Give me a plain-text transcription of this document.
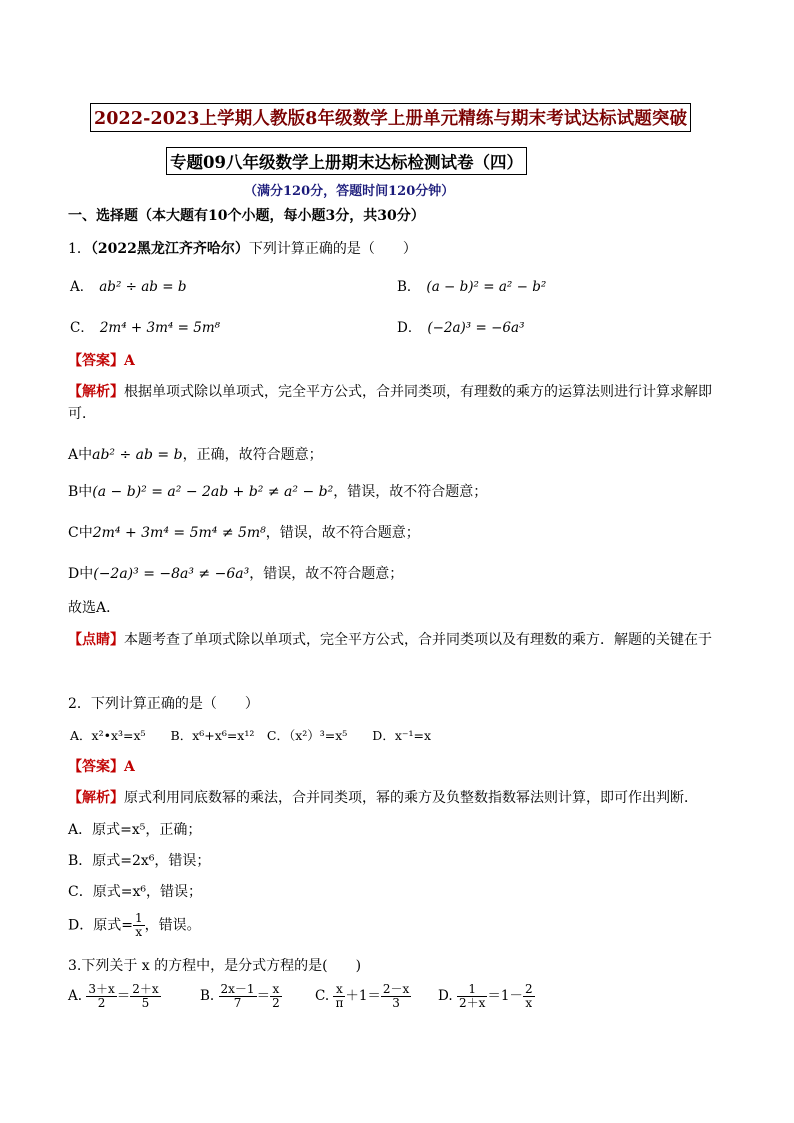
2022-2023上学期人教版8年级数学上册单元精练与期末考试达标试题突破
专题09八年级数学上册期末达标检测试卷（四）
（满分120分，答题时间120分钟）
一、选择题（本大题有10个小题，每小题3分，共30分）
1．（2022黑龙江齐齐哈尔）下列计算正确的是（　　）
A． ab² ÷ ab = b	B． (a − b)² = a² − b²
C． 2m⁴ + 3m⁴ = 5m⁸	D． (−2a)³ = −6a³
【答案】A
【解析】根据单项式除以单项式，完全平方公式，合并同类项，有理数的乘方的运算法则进行计算求解即可．
A中ab² ÷ ab = b，正确，故符合题意；
B中(a − b)² = a² − 2ab + b² ≠ a² − b²，错误，故不符合题意；
C中2m⁴ + 3m⁴ = 5m⁴ ≠ 5m⁸，错误，故不符合题意；
D中(−2a)³ = −8a³ ≠ −6a³，错误，故不符合题意；
故选A．
【点睛】本题考查了单项式除以单项式，完全平方公式，合并同类项以及有理数的乘方．解题的关键在于
2．下列计算正确的是（　　）
A．x²•x³=x⁵　　B．x⁶+x⁶=x¹²　C．（x²）³=x⁵　　D．x⁻¹=x
【答案】A
【解析】原式利用同底数幂的乘法，合并同类项，幂的乘方及负整数指数幂法则计算，即可作出判断．
A．原式=x⁵，正确；
B．原式=2x⁶，错误；
C．原式=x⁶，错误；
D．原式= $\frac{1}{x}$ ，错误。
3.下列关于 x 的方程中，是分式方程的是(　　)
A. $\frac{3+x}{2} = \frac{2+x}{5}$	B. $\frac{2x-1}{7} = \frac{x}{2} C$. $\frac{x}{\pi} +1= \frac{2-x}{3} D$. $\frac{1}{2+x} =1- \frac{2}{x}$
